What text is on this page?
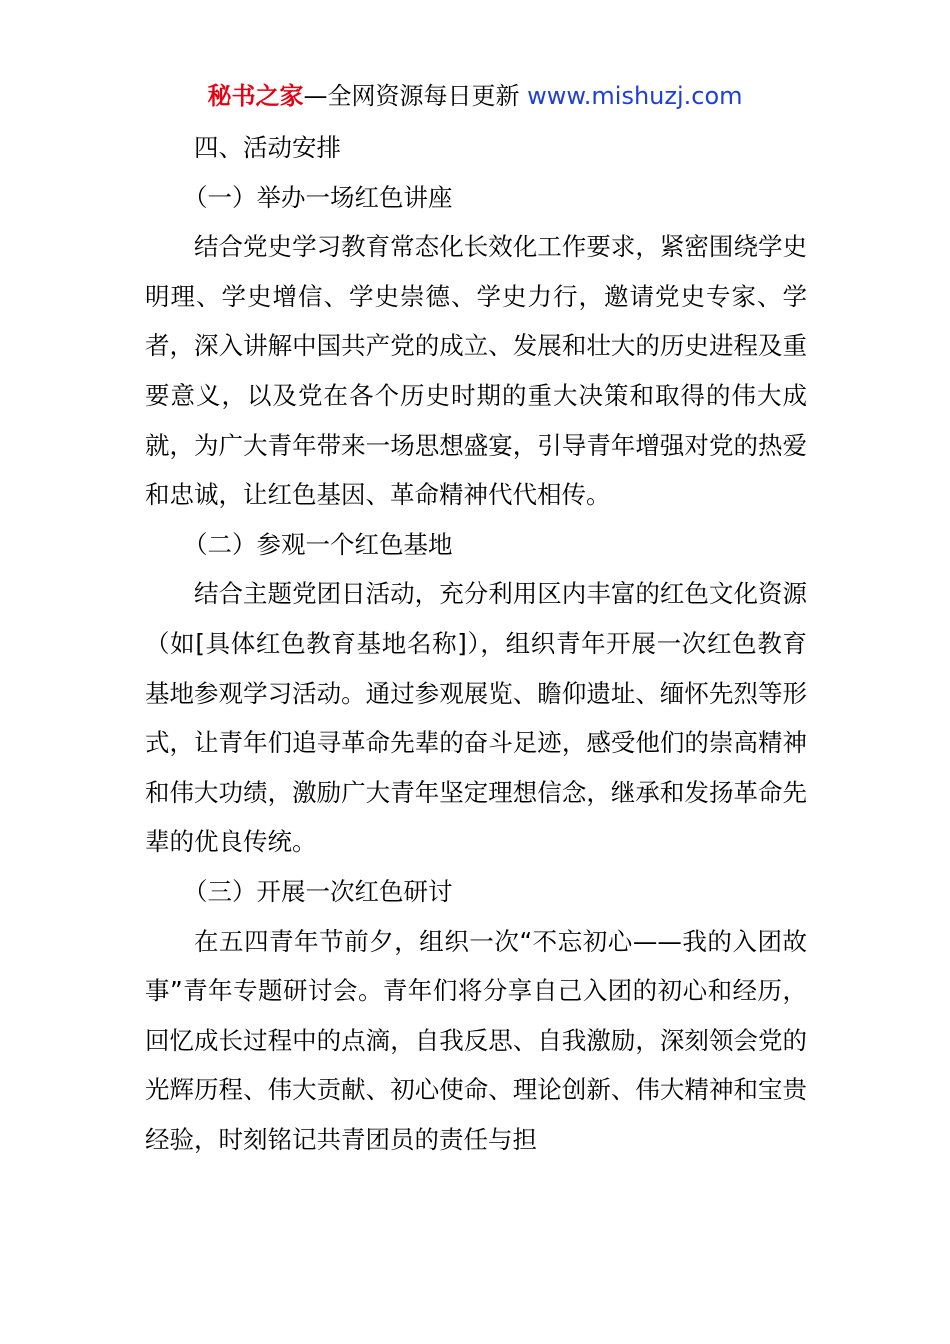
秘书之家—全网资源每日更新 www.mishuzj.com

四、活动安排

（一）举办一场红色讲座

结合党史学习教育常态化长效化工作要求，紧密围绕学史明理、学史增信、学史崇德、学史力行，邀请党史专家、学者，深入讲解中国共产党的成立、发展和壮大的历史进程及重要意义，以及党在各个历史时期的重大决策和取得的伟大成就，为广大青年带来一场思想盛宴，引导青年增强对党的热爱和忠诚，让红色基因、革命精神代代相传。

（二）参观一个红色基地

结合主题党团日活动，充分利用区内丰富的红色文化资源（如[具体红色教育基地名称]），组织青年开展一次红色教育基地参观学习活动。通过参观展览、瞻仰遗址、缅怀先烈等形式，让青年们追寻革命先辈的奋斗足迹，感受他们的崇高精神和伟大功绩，激励广大青年坚定理想信念，继承和发扬革命先辈的优良传统。

（三）开展一次红色研讨

在五四青年节前夕，组织一次“不忘初心——我的入团故事”青年专题研讨会。青年们将分享自己入团的初心和经历，回忆成长过程中的点滴，自我反思、自我激励，深刻领会党的光辉历程、伟大贡献、初心使命、理论创新、伟大精神和宝贵经验，时刻铭记共青团员的责任与担
